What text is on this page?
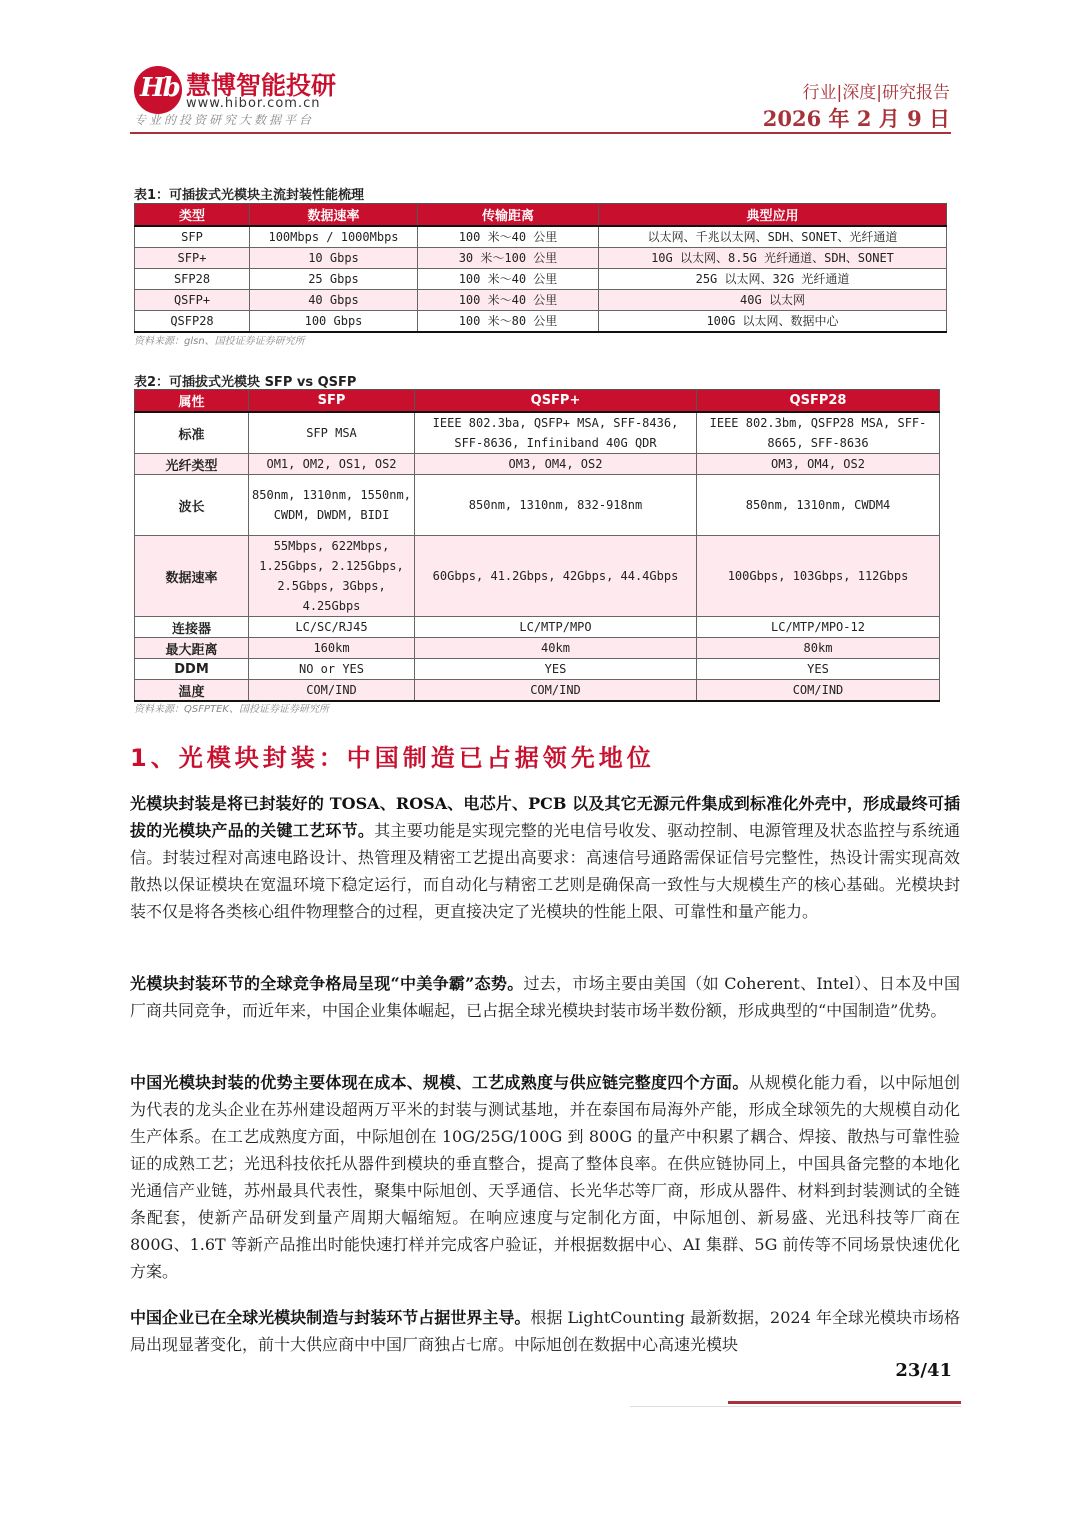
Hb 慧博智能投研
www.hibor.com.cn
专业的投资研究大数据平台
行业|深度|研究报告
2026 年 2 月 9 日
表1：可插拔式光模块主流封装性能梳理
类型	数据速率	传输距离	典型应用
SFP	100Mbps / 1000Mbps	100 米～40 公里	以太网、千兆以太网、SDH、SONET、光纤通道
SFP+	10 Gbps	30 米～100 公里	10G 以太网、8.5G 光纤通道、SDH、SONET
SFP28	25 Gbps	100 米～40 公里	25G 以太网、32G 光纤通道
QSFP+	40 Gbps	100 米～40 公里	40G 以太网
QSFP28	100 Gbps	100 米～80 公里	100G 以太网、数据中心
资料来源：glsn、国投证券证券研究所
表2：可插拔式光模块 SFP vs QSFP
属性	SFP	QSFP+	QSFP28
标准	SFP MSA	IEEE 802.3ba, QSFP+ MSA, SFF-8436, SFF-8636, Infiniband 40G QDR	IEEE 802.3bm, QSFP28 MSA, SFF-8665, SFF-8636
光纤类型	OM1, OM2, OS1, OS2	OM3, OM4, OS2	OM3, OM4, OS2
波长	850nm, 1310nm, 1550nm, CWDM, DWDM, BIDI	850nm, 1310nm, 832-918nm	850nm, 1310nm, CWDM4
数据速率	55Mbps, 622Mbps, 1.25Gbps, 2.125Gbps, 2.5Gbps, 3Gbps, 4.25Gbps	60Gbps, 41.2Gbps, 42Gbps, 44.4Gbps	100Gbps, 103Gbps, 112Gbps
连接器	LC/SC/RJ45	LC/MTP/MPO	LC/MTP/MPO-12
最大距离	160km	40km	80km
DDM	NO or YES	YES	YES
温度	COM/IND	COM/IND	COM/IND
资料来源：QSFPTEK、国投证券证券研究所
1、光模块封装：中国制造已占据领先地位

光模块封装是将已封装好的 TOSA、ROSA、电芯片、PCB 以及其它无源元件集成到标准化外壳中，形成最终可插拔的光模块产品的关键工艺环节。其主要功能是实现完整的光电信号收发、驱动控制、电源管理及状态监控与系统通信。封装过程对高速电路设计、热管理及精密工艺提出高要求：高速信号通路需保证信号完整性，热设计需实现高效散热以保证模块在宽温环境下稳定运行，而自动化与精密工艺则是确保高一致性与大规模生产的核心基础。光模块封装不仅是将各类核心组件物理整合的过程，更直接决定了光模块的性能上限、可靠性和量产能力。

光模块封装环节的全球竞争格局呈现“中美争霸”态势。过去，市场主要由美国（如 Coherent、Intel）、日本及中国厂商共同竞争，而近年来，中国企业集体崛起，已占据全球光模块封装市场半数份额，形成典型的“中国制造”优势。

中国光模块封装的优势主要体现在成本、规模、工艺成熟度与供应链完整度四个方面。从规模化能力看，以中际旭创为代表的龙头企业在苏州建设超两万平米的封装与测试基地，并在泰国布局海外产能，形成全球领先的大规模自动化生产体系。在工艺成熟度方面，中际旭创在 10G/25G/100G 到 800G 的量产中积累了耦合、焊接、散热与可靠性验证的成熟工艺；光迅科技依托从器件到模块的垂直整合，提高了整体良率。在供应链协同上，中国具备完整的本地化光通信产业链，苏州最具代表性，聚集中际旭创、天孚通信、长光华芯等厂商，形成从器件、材料到封装测试的全链条配套，使新产品研发到量产周期大幅缩短。在响应速度与定制化方面，中际旭创、新易盛、光迅科技等厂商在 800G、1.6T 等新产品推出时能快速打样并完成客户验证，并根据数据中心、AI 集群、5G 前传等不同场景快速优化方案。

中国企业已在全球光模块制造与封装环节占据世界主导。根据 LightCounting 最新数据，2024 年全球光模块市场格局出现显著变化，前十大供应商中中国厂商独占七席。中际旭创在数据中心高速光模块

23/41
